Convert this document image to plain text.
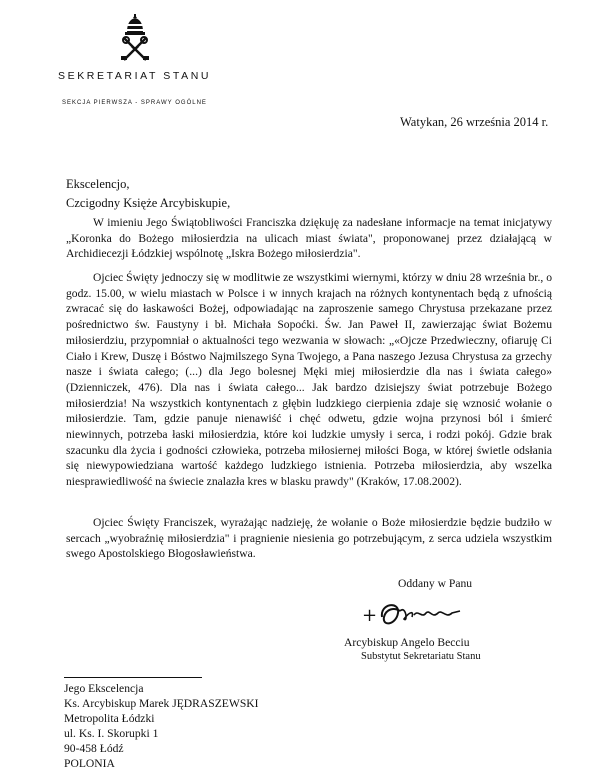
SEKRETARIAT STANU
SEKCJA PIERWSZA - SPRAWY OGÓLNE
Watykan, 26 września 2014 r.
Ekscelencjo,
Czcigodny Księże Arcybiskupie,

W imieniu Jego Świątobliwości Franciszka dziękuję za nadesłane informacje na temat inicjatywy „Koronka do Bożego miłosierdzia na ulicach miast świata", proponowanej przez działającą w Archidiecezji Łódzkiej wspólnotę „Iskra Bożego miłosierdzia".

Ojciec Święty jednoczy się w modlitwie ze wszystkimi wiernymi, którzy w dniu 28 września br., o godz. 15.00, w wielu miastach w Polsce i w innych krajach na różnych kontynentach będą z ufnością zwracać się do łaskawości Bożej, odpowiadając na zaproszenie samego Chrystusa przekazane przez pośrednictwo św. Faustyny i bł. Michała Sopoćki. Św. Jan Paweł II, zawierzając świat Bożemu miłosierdziu, przypomniał o aktualności tego wezwania w słowach: „«Ojcze Przedwieczny, ofiaruję Ci Ciało i Krew, Duszę i Bóstwo Najmilszego Syna Twojego, a Pana naszego Jezusa Chrystusa za grzechy nasze i świata całego; (...) dla Jego bolesnej Męki miej miłosierdzie dla nas i świata całego» (Dzienniczek, 476). Dla nas i świata całego... Jak bardzo dzisiejszy świat potrzebuje Bożego miłosierdzia! Na wszystkich kontynentach z głębin ludzkiego cierpienia zdaje się wznosić wołanie o miłosierdzie. Tam, gdzie panuje nienawiść i chęć odwetu, gdzie wojna przynosi ból i śmierć niewinnych, potrzeba łaski miłosierdzia, które koi ludzkie umysły i serca, i rodzi pokój. Gdzie brak szacunku dla życia i godności człowieka, potrzeba miłosiernej miłości Boga, w której świetle odsłania się niewypowiedziana wartość każdego ludzkiego istnienia. Potrzeba miłosierdzia, aby wszelka niesprawiedliwość na świecie znalazła kres w blasku prawdy" (Kraków, 17.08.2002).

Ojciec Święty Franciszek, wyrażając nadzieję, że wołanie o Boże miłosierdzie będzie budziło w sercach „wyobraźnię miłosierdzia" i pragnienie niesienia go potrzebującym, z serca udziela wszystkim swego Apostolskiego Błogosławieństwa.

Oddany w Panu
+
Arcybiskup Angelo Becciu
Substytut Sekretariatu Stanu
Jego Ekscelencja
Ks. Arcybiskup Marek JĘDRASZEWSKI
Metropolita Łódzki
ul. Ks. I. Skorupki 1
90-458 Łódź
POLONIA
